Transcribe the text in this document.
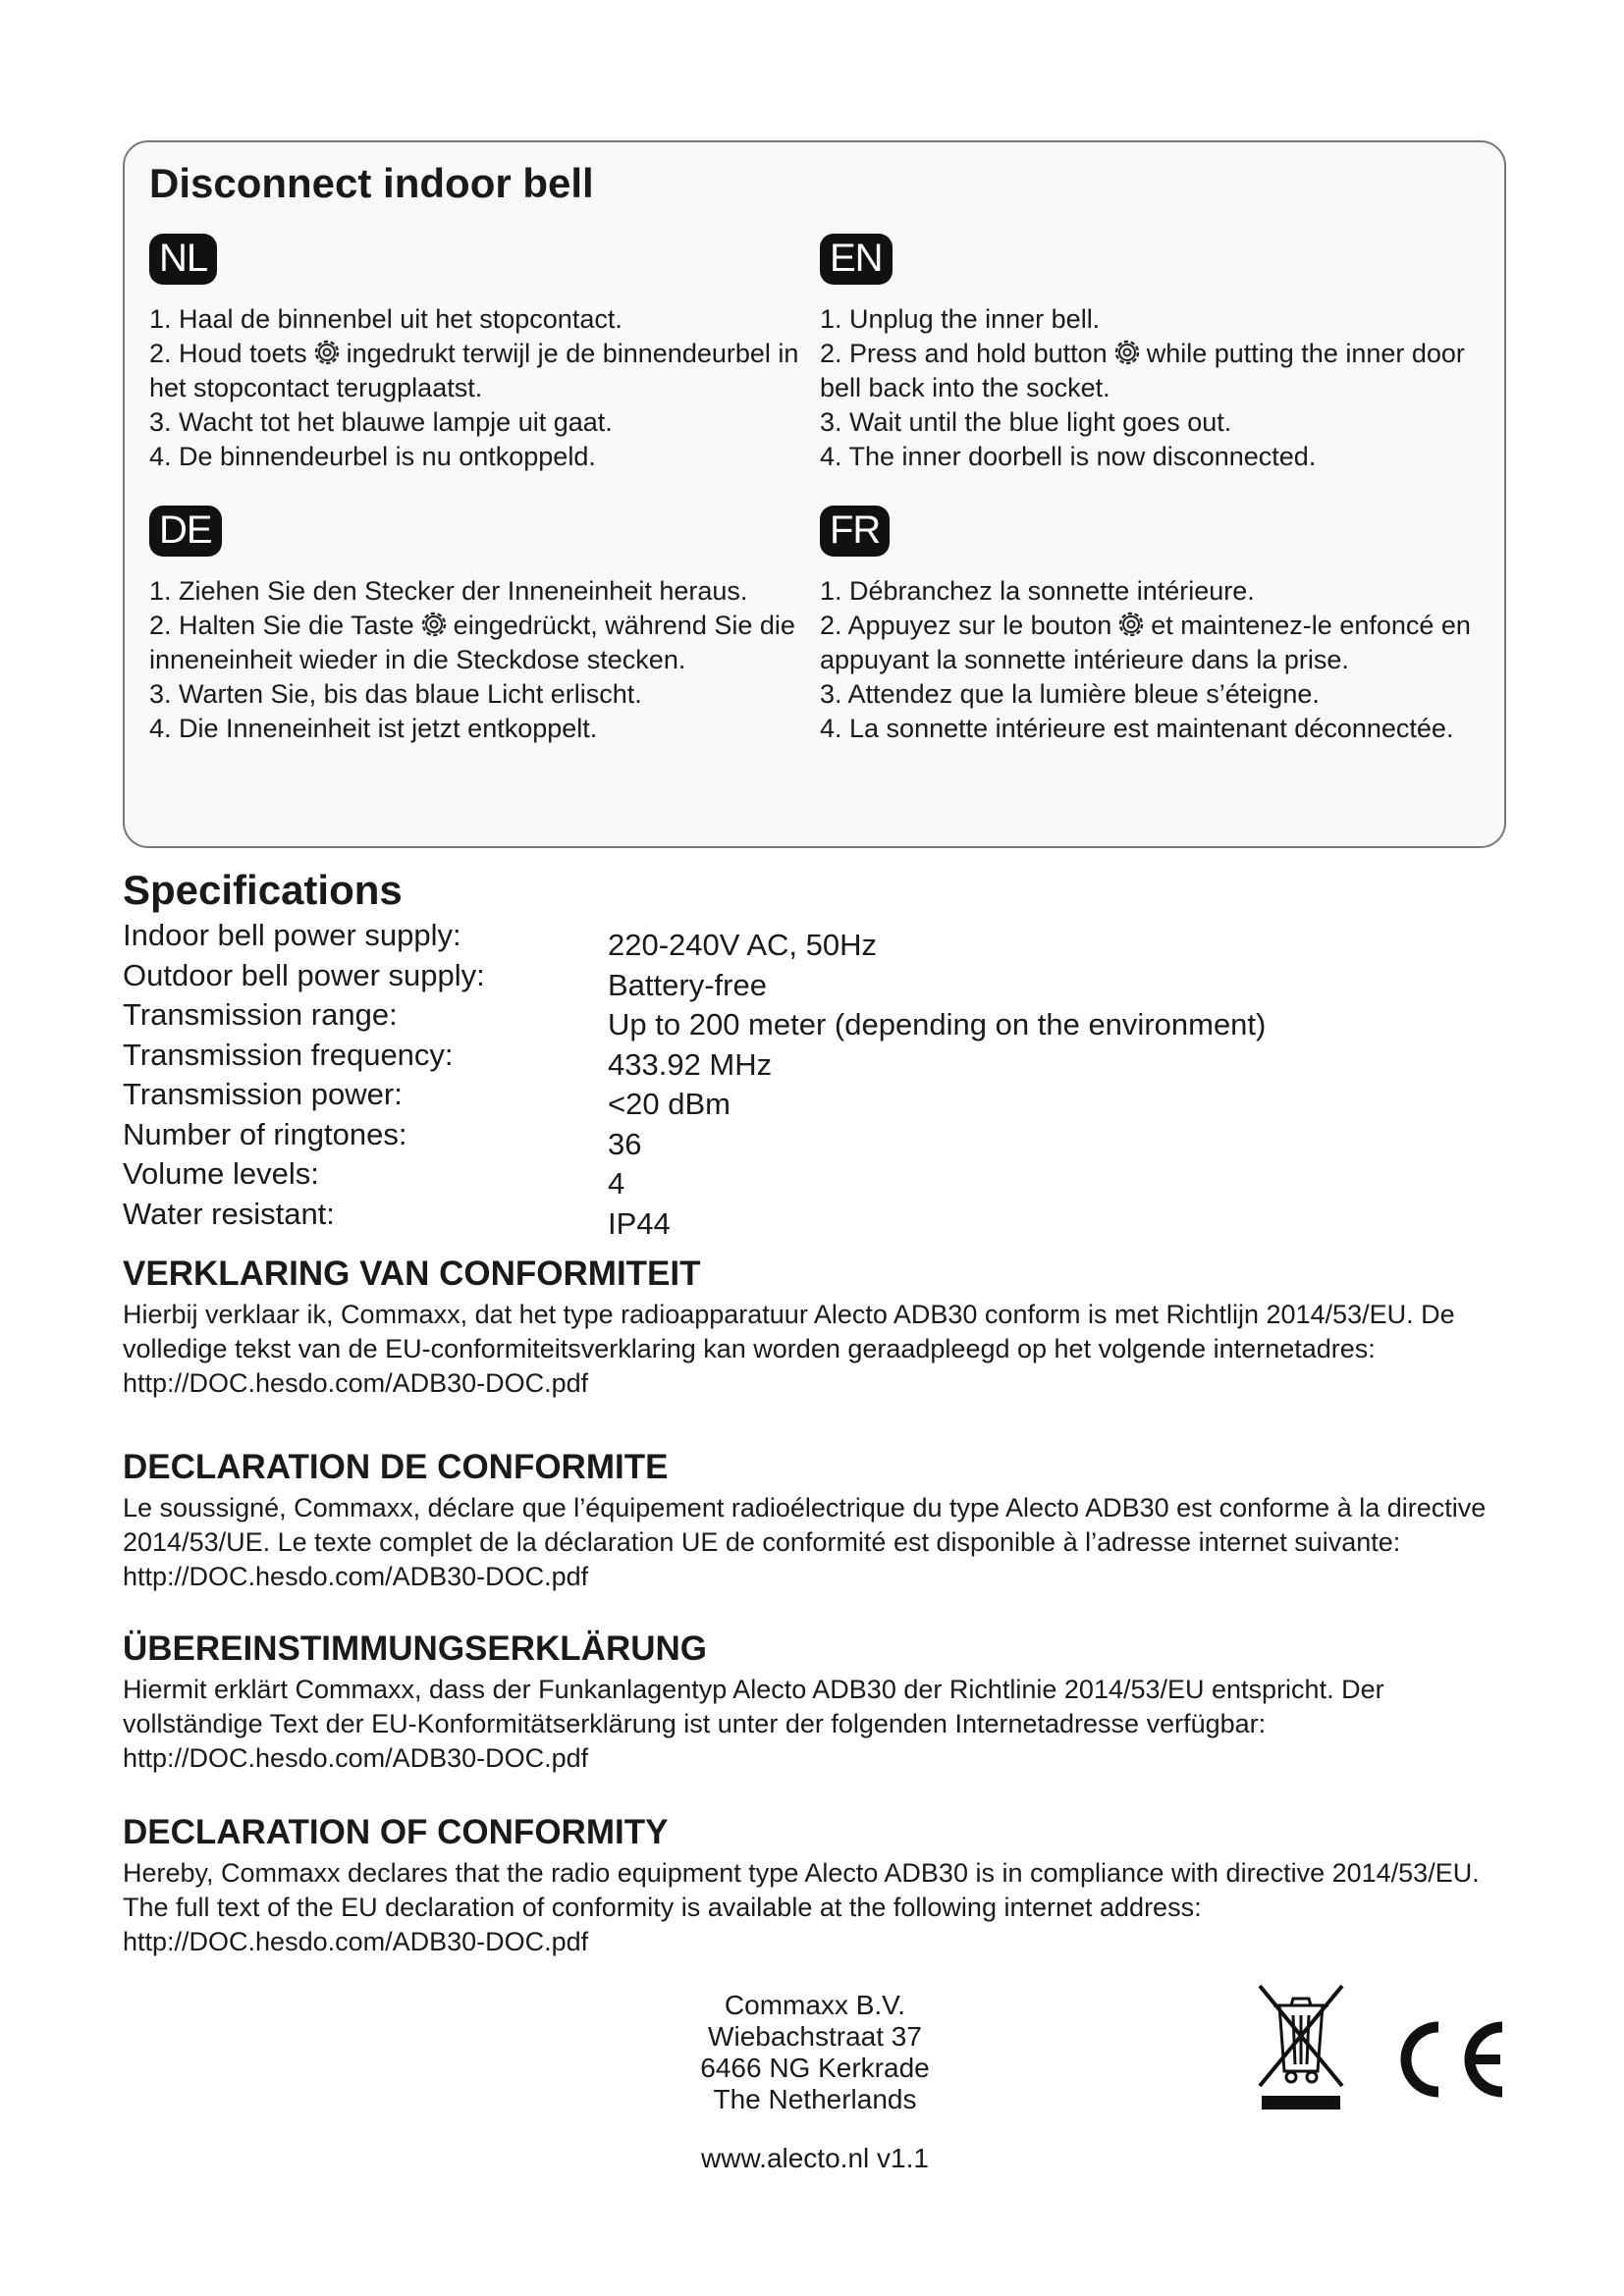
Disconnect indoor bell
NL
1. Haal de binnenbel uit het stopcontact.
2. Houd toets ingedrukt terwijl je de binnendeurbel in het stopcontact terugplaatst.
3. Wacht tot het blauwe lampje uit gaat.
4. De binnendeurbel is nu ontkoppeld.
EN
1. Unplug the inner bell.
2. Press and hold button while putting the inner door bell back into the socket.
3. Wait until the blue light goes out.
4. The inner doorbell is now disconnected.
DE
1. Ziehen Sie den Stecker der Inneneinheit heraus.
2. Halten Sie die Taste eingedrückt, während Sie die inneneinheit wieder in die Steckdose stecken.
3. Warten Sie, bis das blaue Licht erlischt.
4. Die Inneneinheit ist jetzt entkoppelt.
FR
1. Débranchez la sonnette intérieure.
2. Appuyez sur le bouton et maintenez-le enfoncé en appuyant la sonnette intérieure dans la prise.
3. Attendez que la lumière bleue s’éteigne.
4. La sonnette intérieure est maintenant déconnectée.
Specifications
Indoor bell power supply:	220-240V AC, 50Hz
Outdoor bell power supply:	Battery-free
Transmission range:	Up to 200 meter (depending on the environment)
Transmission frequency:	433.92 MHz
Transmission power:	<20 dBm
Number of ringtones:	36
Volume levels:	4
Water resistant:	IP44
VERKLARING VAN CONFORMITEIT

Hierbij verklaar ik, Commaxx, dat het type radioapparatuur Alecto ADB30 conform is met Richtlijn 2014/53/EU. De volledige tekst van de EU-conformiteitsverklaring kan worden geraadpleegd op het volgende internetadres: http://DOC.hesdo.com/ADB30-DOC.pdf

DECLARATION DE CONFORMITE

Le soussigné, Commaxx, déclare que l’équipement radioélectrique du type Alecto ADB30 est conforme à la directive 2014/53/UE. Le texte complet de la déclaration UE de conformité est disponible à l’adresse internet suivante: http://DOC.hesdo.com/ADB30-DOC.pdf

ÜBEREINSTIMMUNGSERKLÄRUNG

Hiermit erklärt Commaxx, dass der Funkanlagentyp Alecto ADB30 der Richtlinie 2014/53/EU entspricht. Der vollständige Text der EU-Konformitätserklärung ist unter der folgenden Internetadresse verfügbar: http://DOC.hesdo.com/ADB30-DOC.pdf

DECLARATION OF CONFORMITY

Hereby, Commaxx declares that the radio equipment type Alecto ADB30 is in compliance with directive 2014/53/EU. The full text of the EU declaration of conformity is available at the following internet address: http://DOC.hesdo.com/ADB30-DOC.pdf

Commaxx B.V.
Wiebachstraat 37
6466 NG Kerkrade
The Netherlands
www.alecto.nl v1.1
